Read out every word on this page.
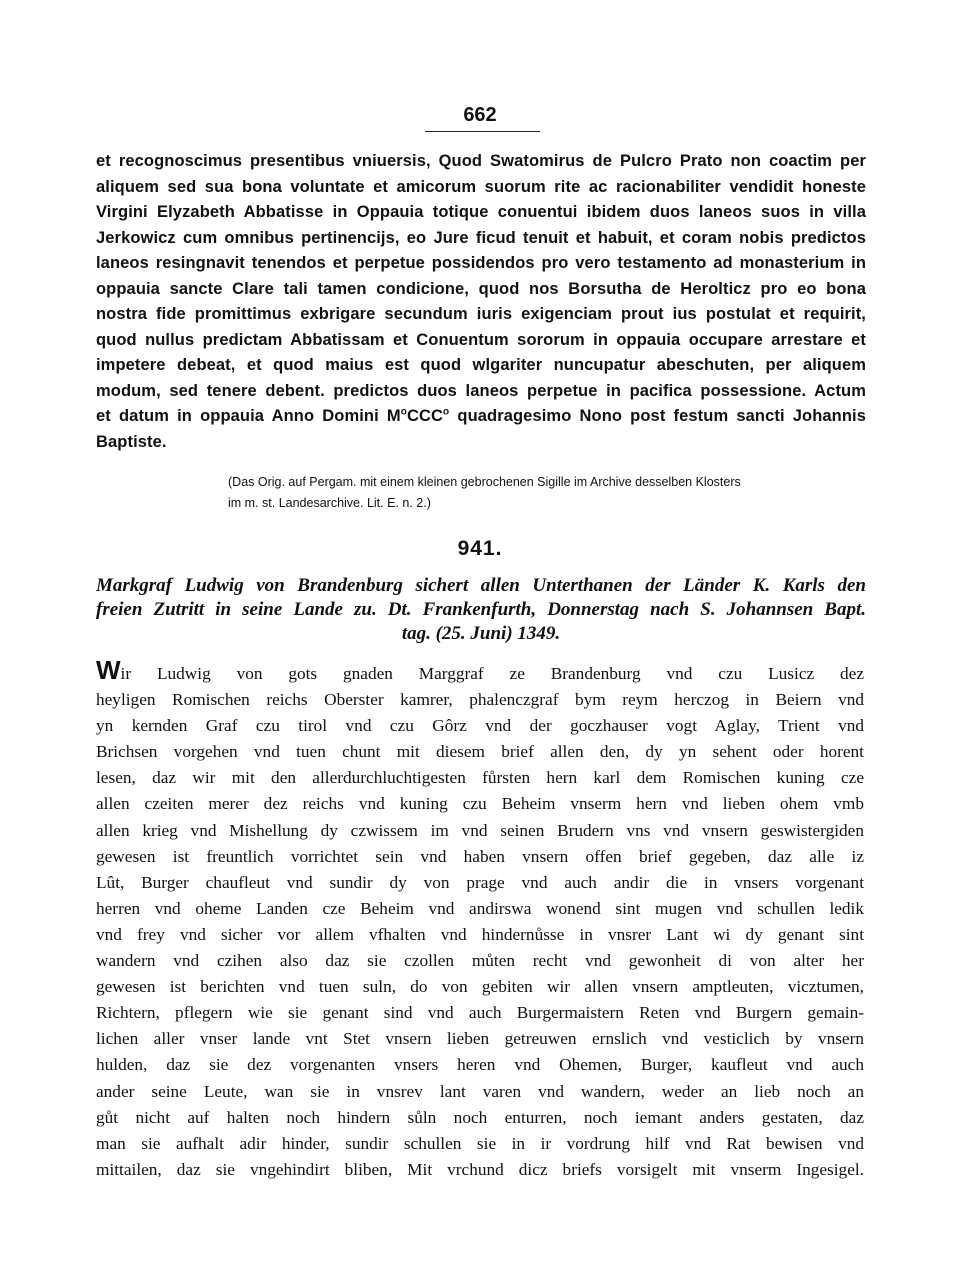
662
et recognoscimus presentibus vniuersis, Quod Swatomirus de Pulcro Prato non coactim per
aliquem sed sua bona voluntate et amicorum suorum rite ac racionabiliter vendidit honeste
Virgini Elyzabeth Abbatisse in Oppauia totique conuentui ibidem duos laneos suos in villa
Jerkowicz cum omnibus pertinencijs, eo Jure ficud tenuit et habuit, et coram nobis predictos
laneos resingnavit tenendos et perpetue possidendos pro vero testamento ad monasterium in
oppauia sancte Clare tali tamen condicione, quod nos Borsutha de Herolticz pro eo bona
nostra fide promittimus exbrigare secundum iuris exigenciam prout ius postulat et requirit,
quod nullus predictam Abbatissam et Conuentum sororum in oppauia occupare arrestare et
impetere debeat, et quod maius est quod wlgariter nuncupatur abeschuten, per aliquem
modum, sed tenere debent. predictos duos laneos perpetue in pacifica possessione. Actum
et datum in oppauia Anno Domini $M^oCCC^o$ quadragesimo Nono post festum sancti Johannis
Baptiste.
(Das Orig. auf Pergam. mit einem kleinen gebrochenen Sigille im Archive desselben Klosters
im m. st. Landesarchive. Lit. E. n. 2.)
941.
Markgraf Ludwig von Brandenburg sichert allen Unterthanen der Länder K. Karls den
freien Zutritt in seine Lande zu. Dt. Frankenfurth, Donnerstag nach S. Johannsen Bapt.
tag. (25. Juni) 1349.
Wir Ludwig von gots gnaden Marggraf ze Brandenburg vnd czu Lusicz dez
heyligen Romischen reichs Oberster kamrer, phalenczgraf bym reym herczog in Beiern vnd
yn kernden Graf czu tirol vnd czu Gôrz vnd der goczhauser vogt Aglay, Trient vnd
Brichsen vorgehen vnd tuen chunt mit diesem brief allen den, dy yn sehent oder horent
lesen, daz wir mit den allerdurchluchtigesten fůrsten hern karl dem Romischen kuning cze
allen czeiten merer dez reichs vnd kuning czu Beheim vnserm hern vnd lieben ohem vmb
allen krieg vnd Mishellung dy czwissem im vnd seinen Brudern vns vnd vnsern geswistergiden
gewesen ist freuntlich vorrichtet sein vnd haben vnsern offen brief gegeben, daz alle iz
Lût, Burger chaufleut vnd sundir dy von prage vnd auch andir die in vnsers vorgenant
herren vnd oheme Landen cze Beheim vnd andirswa wonend sint mugen vnd schullen ledik
vnd frey vnd sicher vor allem vfhalten vnd hindernůsse in vnsrer Lant wi dy genant sint
wandern vnd czihen also daz sie czollen můten recht vnd gewonheit di von alter her
gewesen ist berichten vnd tuen suln, do von gebiten wir allen vnsern amptleuten, vicztumen,
Richtern, pflegern wie sie genant sind vnd auch Burgermaistern Reten vnd Burgern gemain-
lichen aller vnser lande vnt Stet vnsern lieben getreuwen ernslich vnd vesticlich by vnsern
hulden, daz sie dez vorgenanten vnsers heren vnd Ohemen, Burger, kaufleut vnd auch
ander seine Leute, wan sie in vnsrev lant varen vnd wandern, weder an lieb noch an
gůt nicht auf halten noch hindern sůln noch enturren, noch iemant anders gestaten, daz
man sie aufhalt adir hinder, sundir schullen sie in ir vordrung hilf vnd Rat bewisen vnd
mittailen, daz sie vngehindirt bliben, Mit vrchund dicz briefs vorsigelt mit vnserm Ingesigel.
